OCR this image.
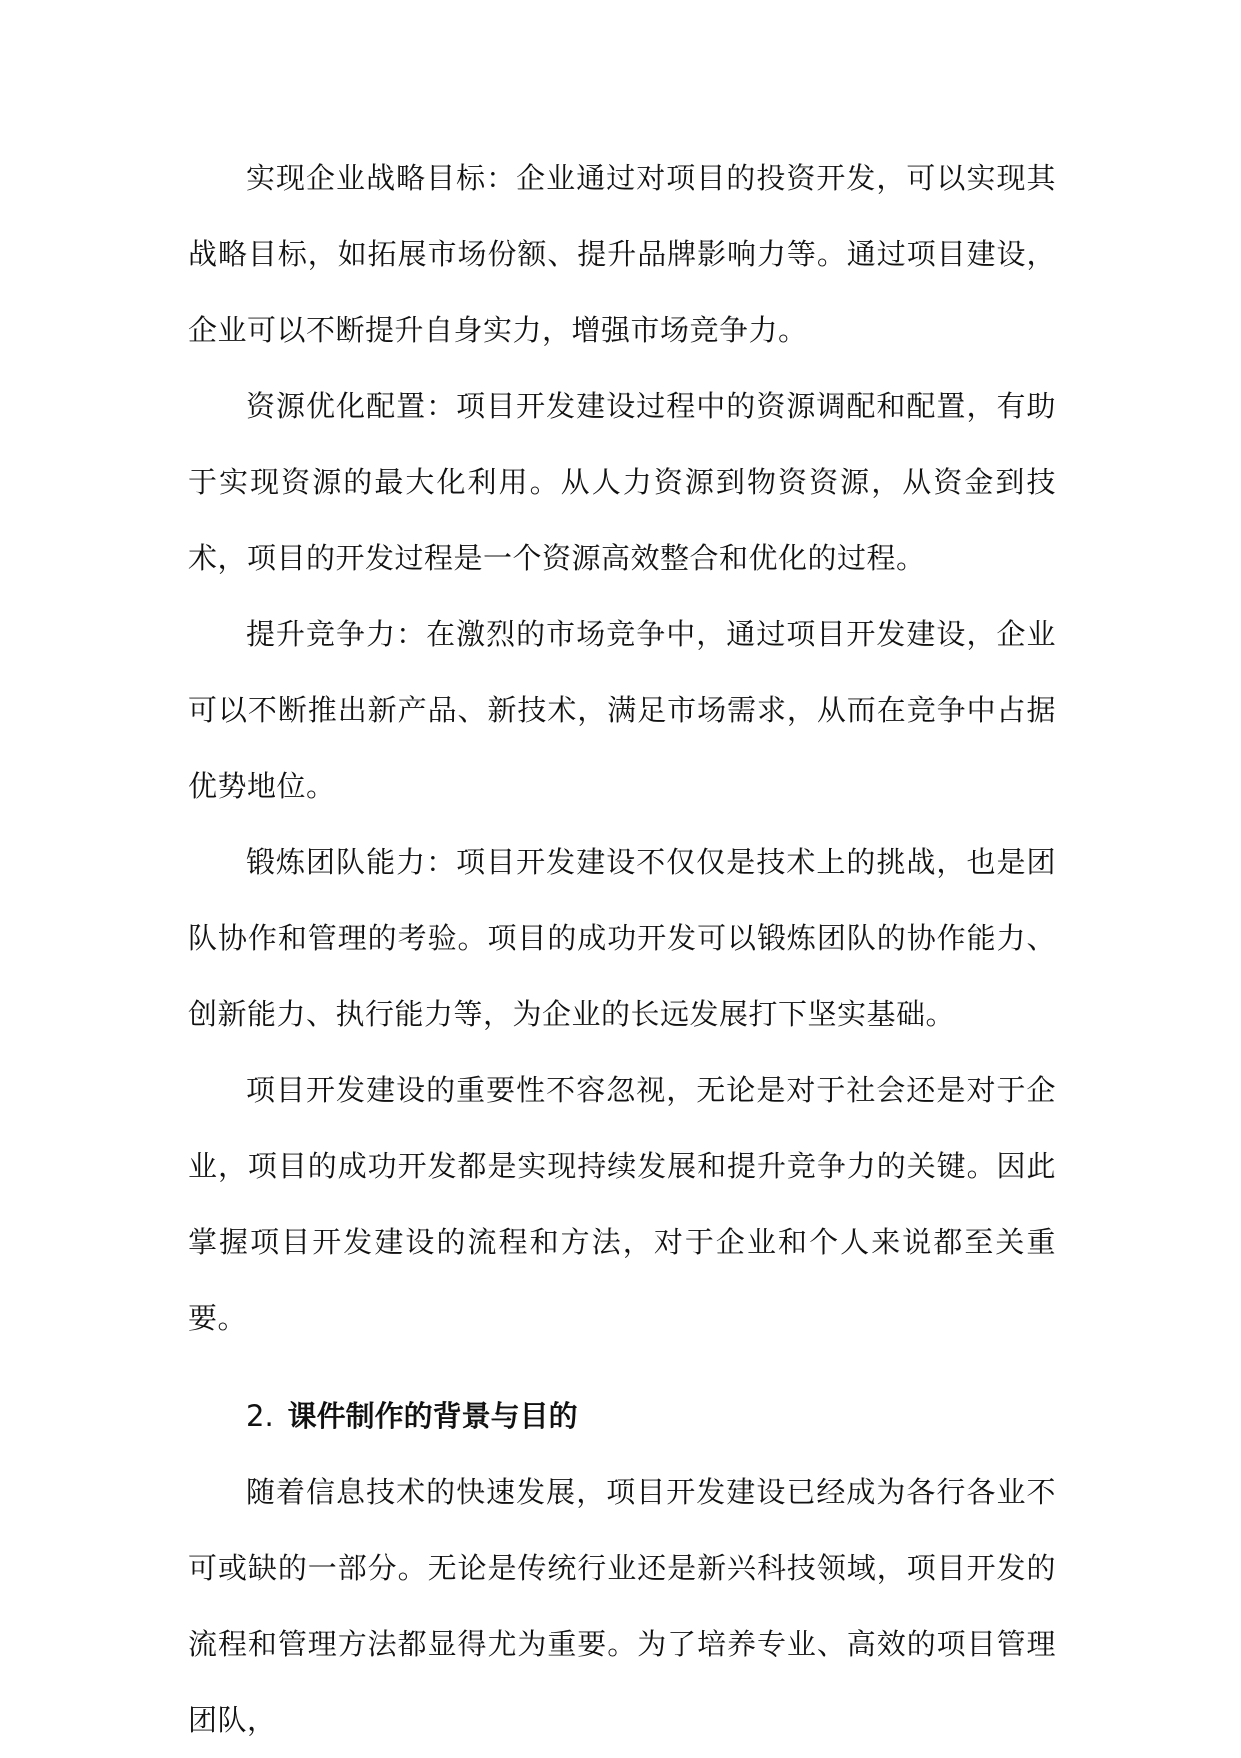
实现企业战略目标：企业通过对项目的投资开发，可以实现其战略目标，如拓展市场份额、提升品牌影响力等。通过项目建设，企业可以不断提升自身实力，增强市场竞争力。

资源优化配置：项目开发建设过程中的资源调配和配置，有助于实现资源的最大化利用。从人力资源到物资资源，从资金到技术，项目的开发过程是一个资源高效整合和优化的过程。

提升竞争力：在激烈的市场竞争中，通过项目开发建设，企业可以不断推出新产品、新技术，满足市场需求，从而在竞争中占据优势地位。

锻炼团队能力：项目开发建设不仅仅是技术上的挑战，也是团队协作和管理的考验。项目的成功开发可以锻炼团队的协作能力、创新能力、执行能力等，为企业的长远发展打下坚实基础。

项目开发建设的重要性不容忽视，无论是对于社会还是对于企业，项目的成功开发都是实现持续发展和提升竞争力的关键。因此掌握项目开发建设的流程和方法，对于企业和个人来说都至关重要。

2. 课件制作的背景与目的

随着信息技术的快速发展，项目开发建设已经成为各行各业不可或缺的一部分。无论是传统行业还是新兴科技领域，项目开发的流程和管理方法都显得尤为重要。为了培养专业、高效的项目管理团队，
